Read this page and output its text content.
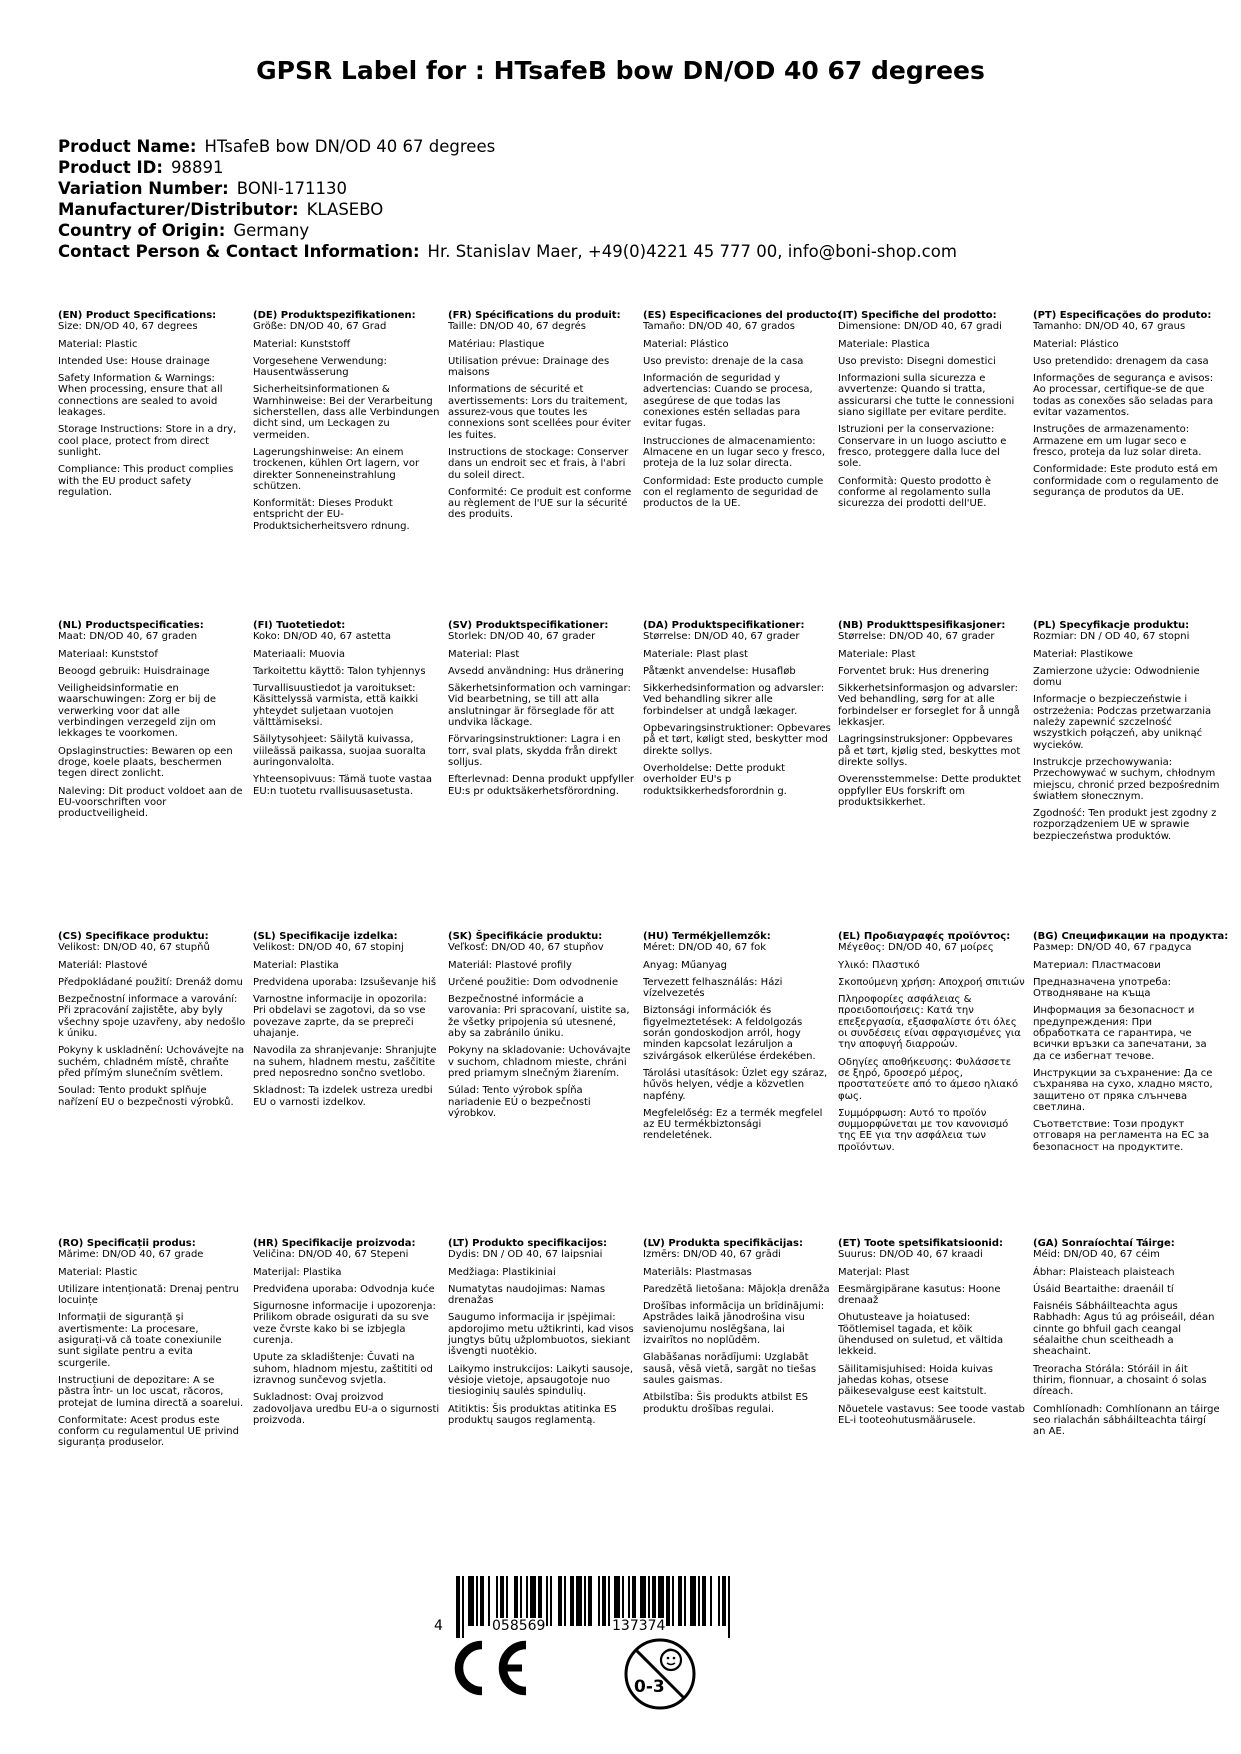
GPSR Label for : HTsafeB bow DN/OD 40 67 degrees
Product Name: HTsafeB bow DN/OD 40 67 degrees
Product ID: 98891
Variation Number: BONI-171130
Manufacturer/Distributor: KLASEBO
Country of Origin: Germany
Contact Person & Contact Information: Hr. Stanislav Maer, +49(0)4221 45 777 00, info@boni-shop.com
(EN) Product Specifications:
Size: DN/OD 40, 67 degrees
Material: Plastic
Intended Use: House drainage
Safety Information & Warnings: When processing, ensure that all connections are sealed to avoid leakages.
Storage Instructions: Store in a dry, cool place, protect from direct sunlight.
Compliance: This product complies with the EU product safety regulation.
(DE) Produktspezifikationen:
Größe: DN/OD 40, 67 Grad
Material: Kunststoff
Vorgesehene Verwendung: Hausentwässerung
Sicherheitsinformationen & Warnhinweise: Bei der Verarbeitung sicherstellen, dass alle Verbindungen dicht sind, um Leckagen zu vermeiden.
Lagerungshinweise: An einem trockenen, kühlen Ort lagern, vor direkter Sonneneinstrahlung schützen.
Konformität: Dieses Produkt entspricht der EU-Produktsicherheitsvero rdnung.
(FR) Spécifications du produit:
Taille: DN/OD 40, 67 degrés
Matériau: Plastique
Utilisation prévue: Drainage des maisons
Informations de sécurité et avertissements: Lors du traitement, assurez-vous que toutes les connexions sont scellées pour éviter les fuites.
Instructions de stockage: Conserver dans un endroit sec et frais, à l'abri du soleil direct.
Conformité: Ce produit est conforme au règlement de l'UE sur la sécurité des produits.
(ES) Especificaciones del producto:
Tamaño: DN/OD 40, 67 grados
Material: Plástico
Uso previsto: drenaje de la casa
Información de seguridad y advertencias: Cuando se procesa, asegúrese de que todas las conexiones estén selladas para evitar fugas.
Instrucciones de almacenamiento: Almacene en un lugar seco y fresco, proteja de la luz solar directa.
Conformidad: Este producto cumple con el reglamento de seguridad de productos de la UE.
(IT) Specifiche del prodotto:
Dimensione: DN/OD 40, 67 gradi
Materiale: Plastica
Uso previsto: Disegni domestici
Informazioni sulla sicurezza e avvertenze: Quando si tratta, assicurarsi che tutte le connessioni siano sigillate per evitare perdite.
Istruzioni per la conservazione: Conservare in un luogo asciutto e fresco, proteggere dalla luce del sole.
Conformità: Questo prodotto è conforme al regolamento sulla sicurezza dei prodotti dell'UE.
(PT) Especificações do produto:
Tamanho: DN/OD 40, 67 graus
Material: Plástico
Uso pretendido: drenagem da casa
Informações de segurança e avisos: Ao processar, certifique-se de que todas as conexões são seladas para evitar vazamentos.
Instruções de armazenamento: Armazene em um lugar seco e fresco, proteja da luz solar direta.
Conformidade: Este produto está em conformidade com o regulamento de segurança de produtos da UE.
(NL) Productspecificaties:
Maat: DN/OD 40, 67 graden
Materiaal: Kunststof
Beoogd gebruik: Huisdrainage
Veiligheidsinformatie en waarschuwingen: Zorg er bij de verwerking voor dat alle verbindingen verzegeld zijn om lekkages te voorkomen.
Opslaginstructies: Bewaren op een droge, koele plaats, beschermen tegen direct zonlicht.
Naleving: Dit product voldoet aan de EU-voorschriften voor productveiligheid.
(FI) Tuotetiedot:
Koko: DN/OD 40, 67 astetta
Materiaali: Muovia
Tarkoitettu käyttö: Talon tyhjennys
Turvallisuustiedot ja varoitukset: Käsittelyssä varmista, että kaikki yhteydet suljetaan vuotojen välttämiseksi.
Säilytysohjeet: Säilytä kuivassa, viileässä paikassa, suojaa suoralta auringonvalolta.
Yhteensopivuus: Tämä tuote vastaa EU:n tuotetu rvallisuusasetusta.
(SV) Produktspecifikationer:
Storlek: DN/OD 40, 67 grader
Material: Plast
Avsedd användning: Hus dränering
Säkerhetsinformation och varningar: Vid bearbetning, se till att alla anslutningar är förseglade för att undvika läckage.
Förvaringsinstruktioner: Lagra i en torr, sval plats, skydda från direkt solljus.
Efterlevnad: Denna produkt uppfyller EU:s pr oduktsäkerhetsförordning.
(DA) Produktspecifikationer:
Størrelse: DN/OD 40, 67 grader
Materiale: Plast plast
Påtænkt anvendelse: Husafløb
Sikkerhedsinformation og advarsler: Ved behandling sikrer alle forbindelser at undgå lækager.
Opbevaringsinstruktioner: Opbevares på et tørt, køligt sted, beskytter mod direkte sollys.
Overholdelse: Dette produkt overholder EU's p roduktsikkerhedsforordnin g.
(NB) Produkttspesifikasjoner:
Størrelse: DN/OD 40, 67 grader
Materiale: Plast
Forventet bruk: Hus drenering
Sikkerhetsinformasjon og advarsler: Ved behandling, sørg for at alle forbindelser er forseglet for å unngå lekkasjer.
Lagringsinstruksjoner: Oppbevares på et tørt, kjølig sted, beskyttes mot direkte sollys.
Overensstemmelse: Dette produktet oppfyller EUs forskrift om produktsikkerhet.
(PL) Specyfikacje produktu:
Rozmiar: DN / OD 40, 67 stopni
Materiał: Plastikowe
Zamierzone użycie: Odwodnienie domu
Informacje o bezpieczeństwie i ostrzeżenia: Podczas przetwarzania należy zapewnić szczelność wszystkich połączeń, aby uniknąć wycieków.
Instrukcje przechowywania: Przechowywać w suchym, chłodnym miejscu, chronić przed bezpośrednim światłem słonecznym.
Zgodność: Ten produkt jest zgodny z rozporządzeniem UE w sprawie bezpieczeństwa produktów.
(CS) Specifikace produktu:
Velikost: DN/OD 40, 67 stupňů
Materiál: Plastové
Předpokládané použití: Drenáž domu
Bezpečnostní informace a varování: Při zpracování zajistěte, aby byly všechny spoje uzavřeny, aby nedošlo k úniku.
Pokyny k uskladnění: Uchovávejte na suchém, chladném místě, chraňte před přímým slunečním světlem.
Soulad: Tento produkt splňuje nařízení EU o bezpečnosti výrobků.
(SL) Specifikacije izdelka:
Velikost: DN/OD 40, 67 stopinj
Material: Plastika
Predvidena uporaba: Izsuševanje hiš
Varnostne informacije in opozorila: Pri obdelavi se zagotovi, da so vse povezave zaprte, da se prepreči uhajanje.
Navodila za shranjevanje: Shranjujte na suhem, hladnem mestu, zaščitite pred neposredno sončno svetlobo.
Skladnost: Ta izdelek ustreza uredbi EU o varnosti izdelkov.
(SK) Špecifikácie produktu:
Veľkosť: DN/OD 40, 67 stupňov
Materiál: Plastové profily
Určené použitie: Dom odvodnenie
Bezpečnostné informácie a varovania: Pri spracovaní, uistite sa, že všetky pripojenia sú utesnené, aby sa zabránilo úniku.
Pokyny na skladovanie: Uchovávajte v suchom, chladnom mieste, chráni pred priamym slnečným žiarením.
Súlad: Tento výrobok spĺňa nariadenie EÚ o bezpečnosti výrobkov.
(HU) Termékjellemzők:
Méret: DN/OD 40, 67 fok
Anyag: Műanyag
Tervezett felhasználás: Házi vízelvezetés
Biztonsági információk és figyelmeztetések: A feldolgozás során gondoskodjon arról, hogy minden kapcsolat lezáruljon a szivárgások elkerülése érdekében.
Tárolási utasítások: Üzlet egy száraz, hűvös helyen, védje a közvetlen napfény.
Megfelelőség: Ez a termék megfelel az EU termékbiztonsági rendeletének.
(EL) Προδιαγραφές προϊόντος:
Μέγεθος: DN/OD 40, 67 μοίρες
Υλικό: Πλαστικό
Σκοπούμενη χρήση: Αποχροή σπιτιών
Πληροφορίες ασφάλειας & προειδοποιήσεις: Κατά την επεξεργασία, εξασφαλίστε ότι όλες οι συνδέσεις είναι σφραγισμένες για την αποφυγή διαρροών.
Οδηγίες αποθήκευσης: Φυλάσσετε σε ξηρό, δροσερό μέρος, προστατεύετε από το άμεσο ηλιακό φως.
Συμμόρφωση: Αυτό το προϊόν συμμορφώνεται με τον κανονισμό της ΕΕ για την ασφάλεια των προϊόντων.
(BG) Спецификации на продукта:
Размер: DN/OD 40, 67 градуса
Материал: Пластмасови
Предназначена употреба: Отводняване на къща
Информация за безопасност и предупреждения: При обработката се гарантира, че всички връзки са запечатани, за да се избегнат течове.
Инструкции за съхранение: Да се съхранява на сухо, хладно място, защитено от пряка слънчева светлина.
Съответствие: Този продукт отговаря на регламента на ЕС за безопасност на продуктите.
(RO) Specificații produs:
Mărime: DN/OD 40, 67 grade
Material: Plastic
Utilizare intenționată: Drenaj pentru locuințe
Informații de siguranță și avertismente: La procesare, asigurați-vă că toate conexiunile sunt sigilate pentru a evita scurgerile.
Instrucțiuni de depozitare: A se păstra într- un loc uscat, răcoros, protejat de lumina directă a soarelui.
Conformitate: Acest produs este conform cu regulamentul UE privind siguranța produselor.
(HR) Specifikacije proizvoda:
Veličina: DN/OD 40, 67 Stepeni
Materijal: Plastika
Predviđena uporaba: Odvodnja kuće
Sigurnosne informacije i upozorenja: Prilikom obrade osigurati da su sve veze čvrste kako bi se izbjegla curenja.
Upute za skladištenje: Čuvati na suhom, hladnom mjestu, zaštititi od izravnog sunčevog svjetla.
Sukladnost: Ovaj proizvod zadovoljava uredbu EU-a o sigurnosti proizvoda.
(LT) Produkto specifikacijos:
Dydis: DN / OD 40, 67 laipsniai
Medžiaga: Plastikiniai
Numatytas naudojimas: Namas drenažas
Saugumo informacija ir įspėjimai: apdorojimo metu užtikrinti, kad visos jungtys būtų užplombuotos, siekiant išvengti nuotėkio.
Laikymo instrukcijos: Laikyti sausoje, vėsioje vietoje, apsaugotoje nuo tiesioginių saulės spindulių.
Atitiktis: Šis produktas atitinka ES produktų saugos reglamentą.
(LV) Produkta specifikācijas:
Izmērs: DN/OD 40, 67 grādi
Materiāls: Plastmasas
Paredzētā lietošana: Mājokļa drenāža
Drošības informācija un brīdinājumi: Apstrādes laikā jānodrošina visu savienojumu noslēgšana, lai izvairītos no noplūdēm.
Glabāšanas norādījumi: Uzglabāt sausā, vēsā vietā, sargāt no tiešas saules gaismas.
Atbilstība: Šis produkts atbilst ES produktu drošības regulai.
(ET) Toote spetsifikatsioonid:
Suurus: DN/OD 40, 67 kraadi
Materjal: Plast
Eesmärgipärane kasutus: Hoone drenaaž
Ohutusteave ja hoiatused: Töötlemisel tagada, et kõik ühendused on suletud, et vältida lekkeid.
Säilitamisjuhised: Hoida kuivas jahedas kohas, otsese päikesevalguse eest kaitstult.
Nõuetele vastavus: See toode vastab EL-i tooteohutusmäärusele.
(GA) Sonraíochtaí Táirge:
Méid: DN/OD 40, 67 céim
Ábhar: Plaisteach plaisteach
Úsáid Beartaithe: draenáil tí
Faisnéis Sábháilteachta agus Rabhadh: Agus tú ag próiseáil, déan cinnte go bhfuil gach ceangal séalaithe chun sceitheadh a sheachaint.
Treoracha Stórála: Stóráil in áit thirim, fionnuar, a chosaint ó solas díreach.
Comhlíonadh: Comhlíonann an táirge seo rialachán sábháilteachta táirgí an AE.
4	058569	137374
0-3
